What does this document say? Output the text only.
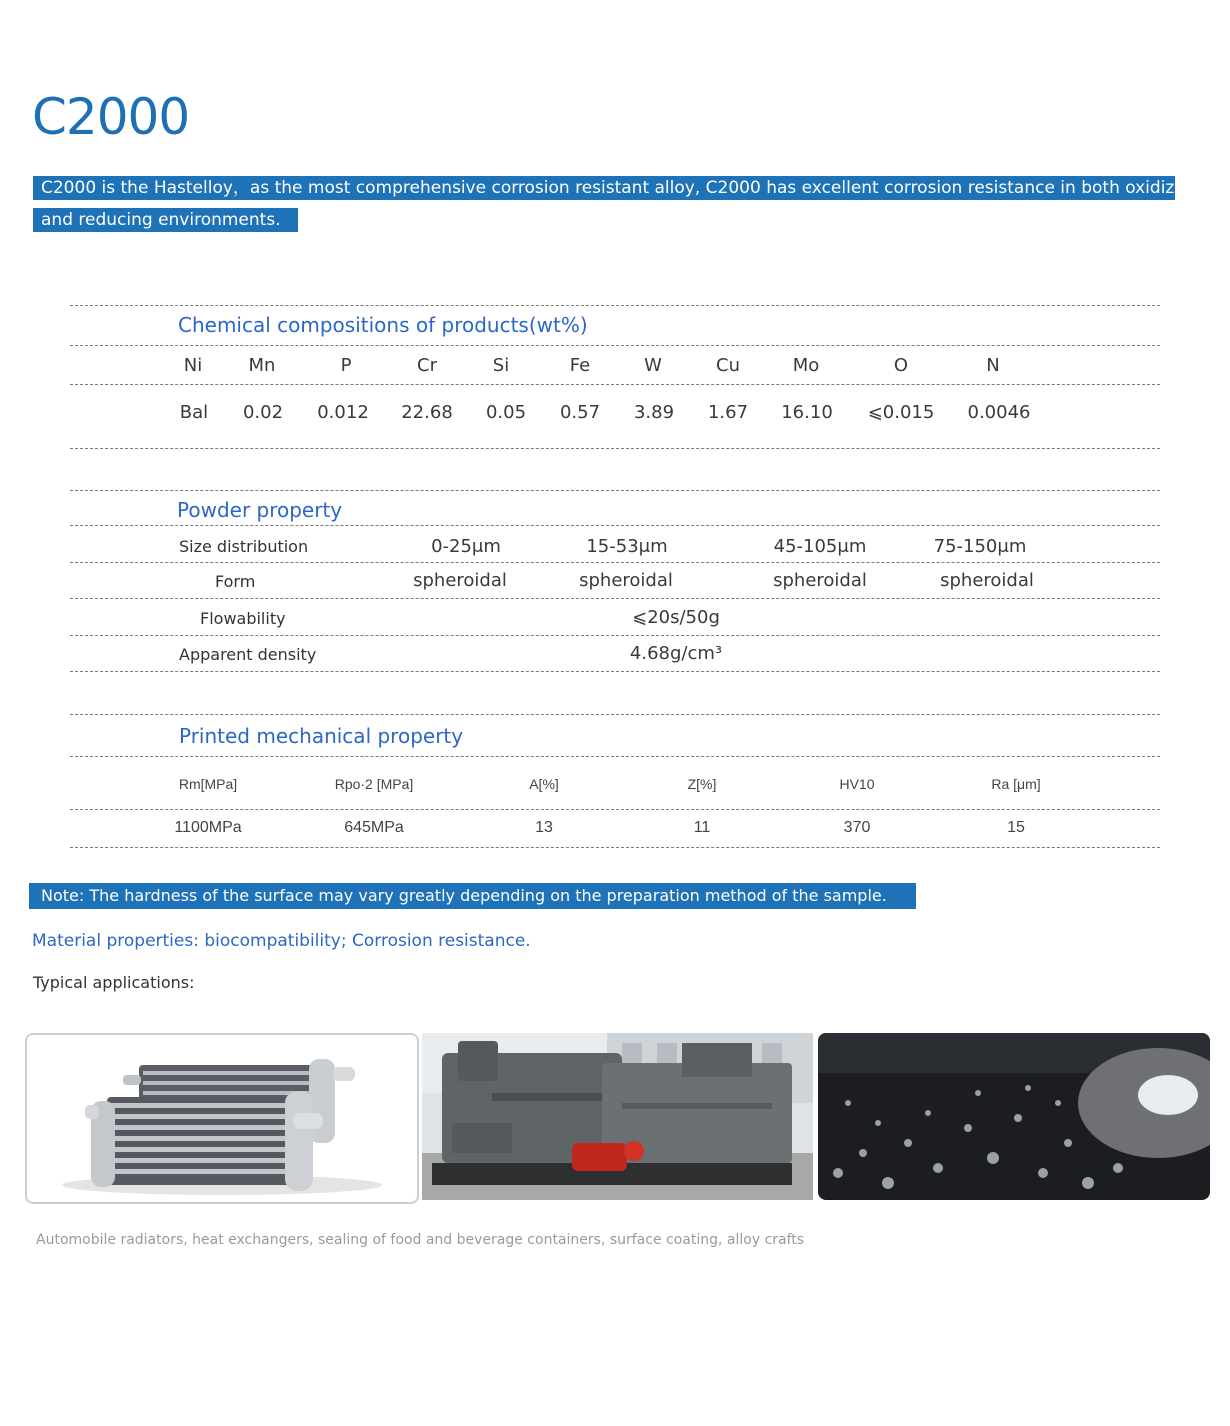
C2000
C2000 is the Hastelloy，as the most comprehensive corrosion resistant alloy, C2000 has excellent corrosion resistance in both oxidizing
and reducing environments.
Chemical compositions of products(wt%)
Ni	Mn	P	Cr	Si	Fe	W	Cu	Mo	O	N
Bal 0.02 0.012 22.68 0.05 0.57 3.89 1.67 16.10 ⩽0.015 0.0046
Powder property
Size distribution	0-25μm	15-53μm	45-105μm	75-150μm
Form	spheroidal	spheroidal	spheroidal	spheroidal
Flowability	⩽20s/50g
Apparent density	4.68g/cm³
Printed mechanical property
Rm[MPa]	Rpo·2 [MPa]	A[%]	Z[%]	HV10	Ra [μm]
1100MPa	645MPa	13	11	370	15
Note: The hardness of the surface may vary greatly depending on the preparation method of the sample.
Material properties: biocompatibility; Corrosion resistance.
Typical applications:
Automobile radiators, heat exchangers, sealing of food and beverage containers, surface coating, alloy crafts
